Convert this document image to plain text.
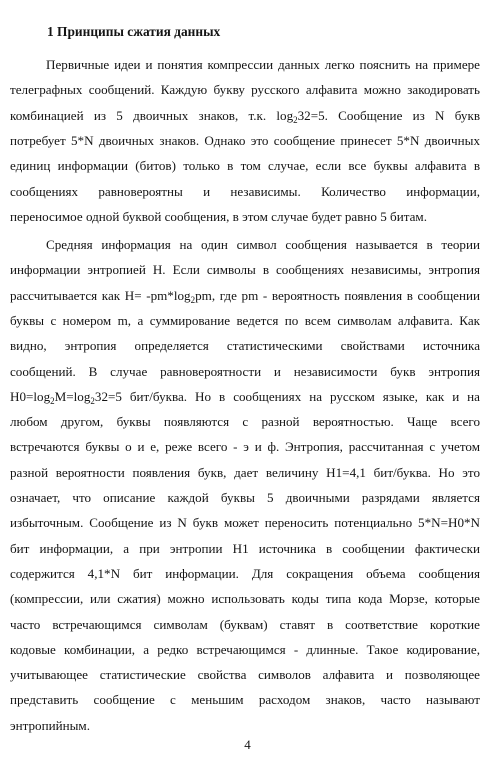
1 Принципы сжатия данных
Первичные идеи и понятия компрессии данных легко пояснить на примере
телеграфных сообщений. Каждую букву русского алфавита можно закодировать
комбинацией из 5 двоичных знаков, т.к. $\log_232=5$. Сообщение из N букв
потребует 5*N двоичных знаков. Однако это сообщение принесет 5*N двоичных
единиц информации (битов) только в том случае, если все буквы алфавита в
сообщениях равновероятны и независимы. Количество информации,
переносимое одной буквой сообщения, в этом случае будет равно 5 битам.
Средняя информация на один символ сообщения называется в теории
информации энтропией H. Если символы в сообщениях независимы, энтропия
рассчитывается как $H= -pm*\log_2pm$, где pm - вероятность появления в сообщении
буквы с номером m, а суммирование ведется по всем символам алфавита. Как
видно, энтропия определяется статистическими свойствами источника
сообщений. В случае равновероятности и независимости букв энтропия
$H0=\log_2M=\log_232=5$ бит/буква. Но в сообщениях на русском языке, как и на
любом другом, буквы появляются с разной вероятностью. Чаще всего
встречаются буквы о и е, реже всего - э и ф. Энтропия, рассчитанная с учетом
разной вероятности появления букв, дает величину H1=4,1 бит/буква. Но это
означает, что описание каждой буквы 5 двоичными разрядами является
избыточным. Сообщение из N букв может переносить потенциально 5*N=H0*N
бит информации, а при энтропии H1 источника в сообщении фактически
содержится 4,1*N бит информации. Для сокращения объема сообщения
(компрессии, или сжатия) можно использовать коды типа кода Морзе, которые
часто встречающимся символам (буквам) ставят в соответствие короткие
кодовые комбинации, а редко встречающимся - длинные. Такое кодирование,
учитывающее статистические свойства символов алфавита и позволяющее
представить сообщение с меньшим расходом знаков, часто называют
энтропийным.
4
